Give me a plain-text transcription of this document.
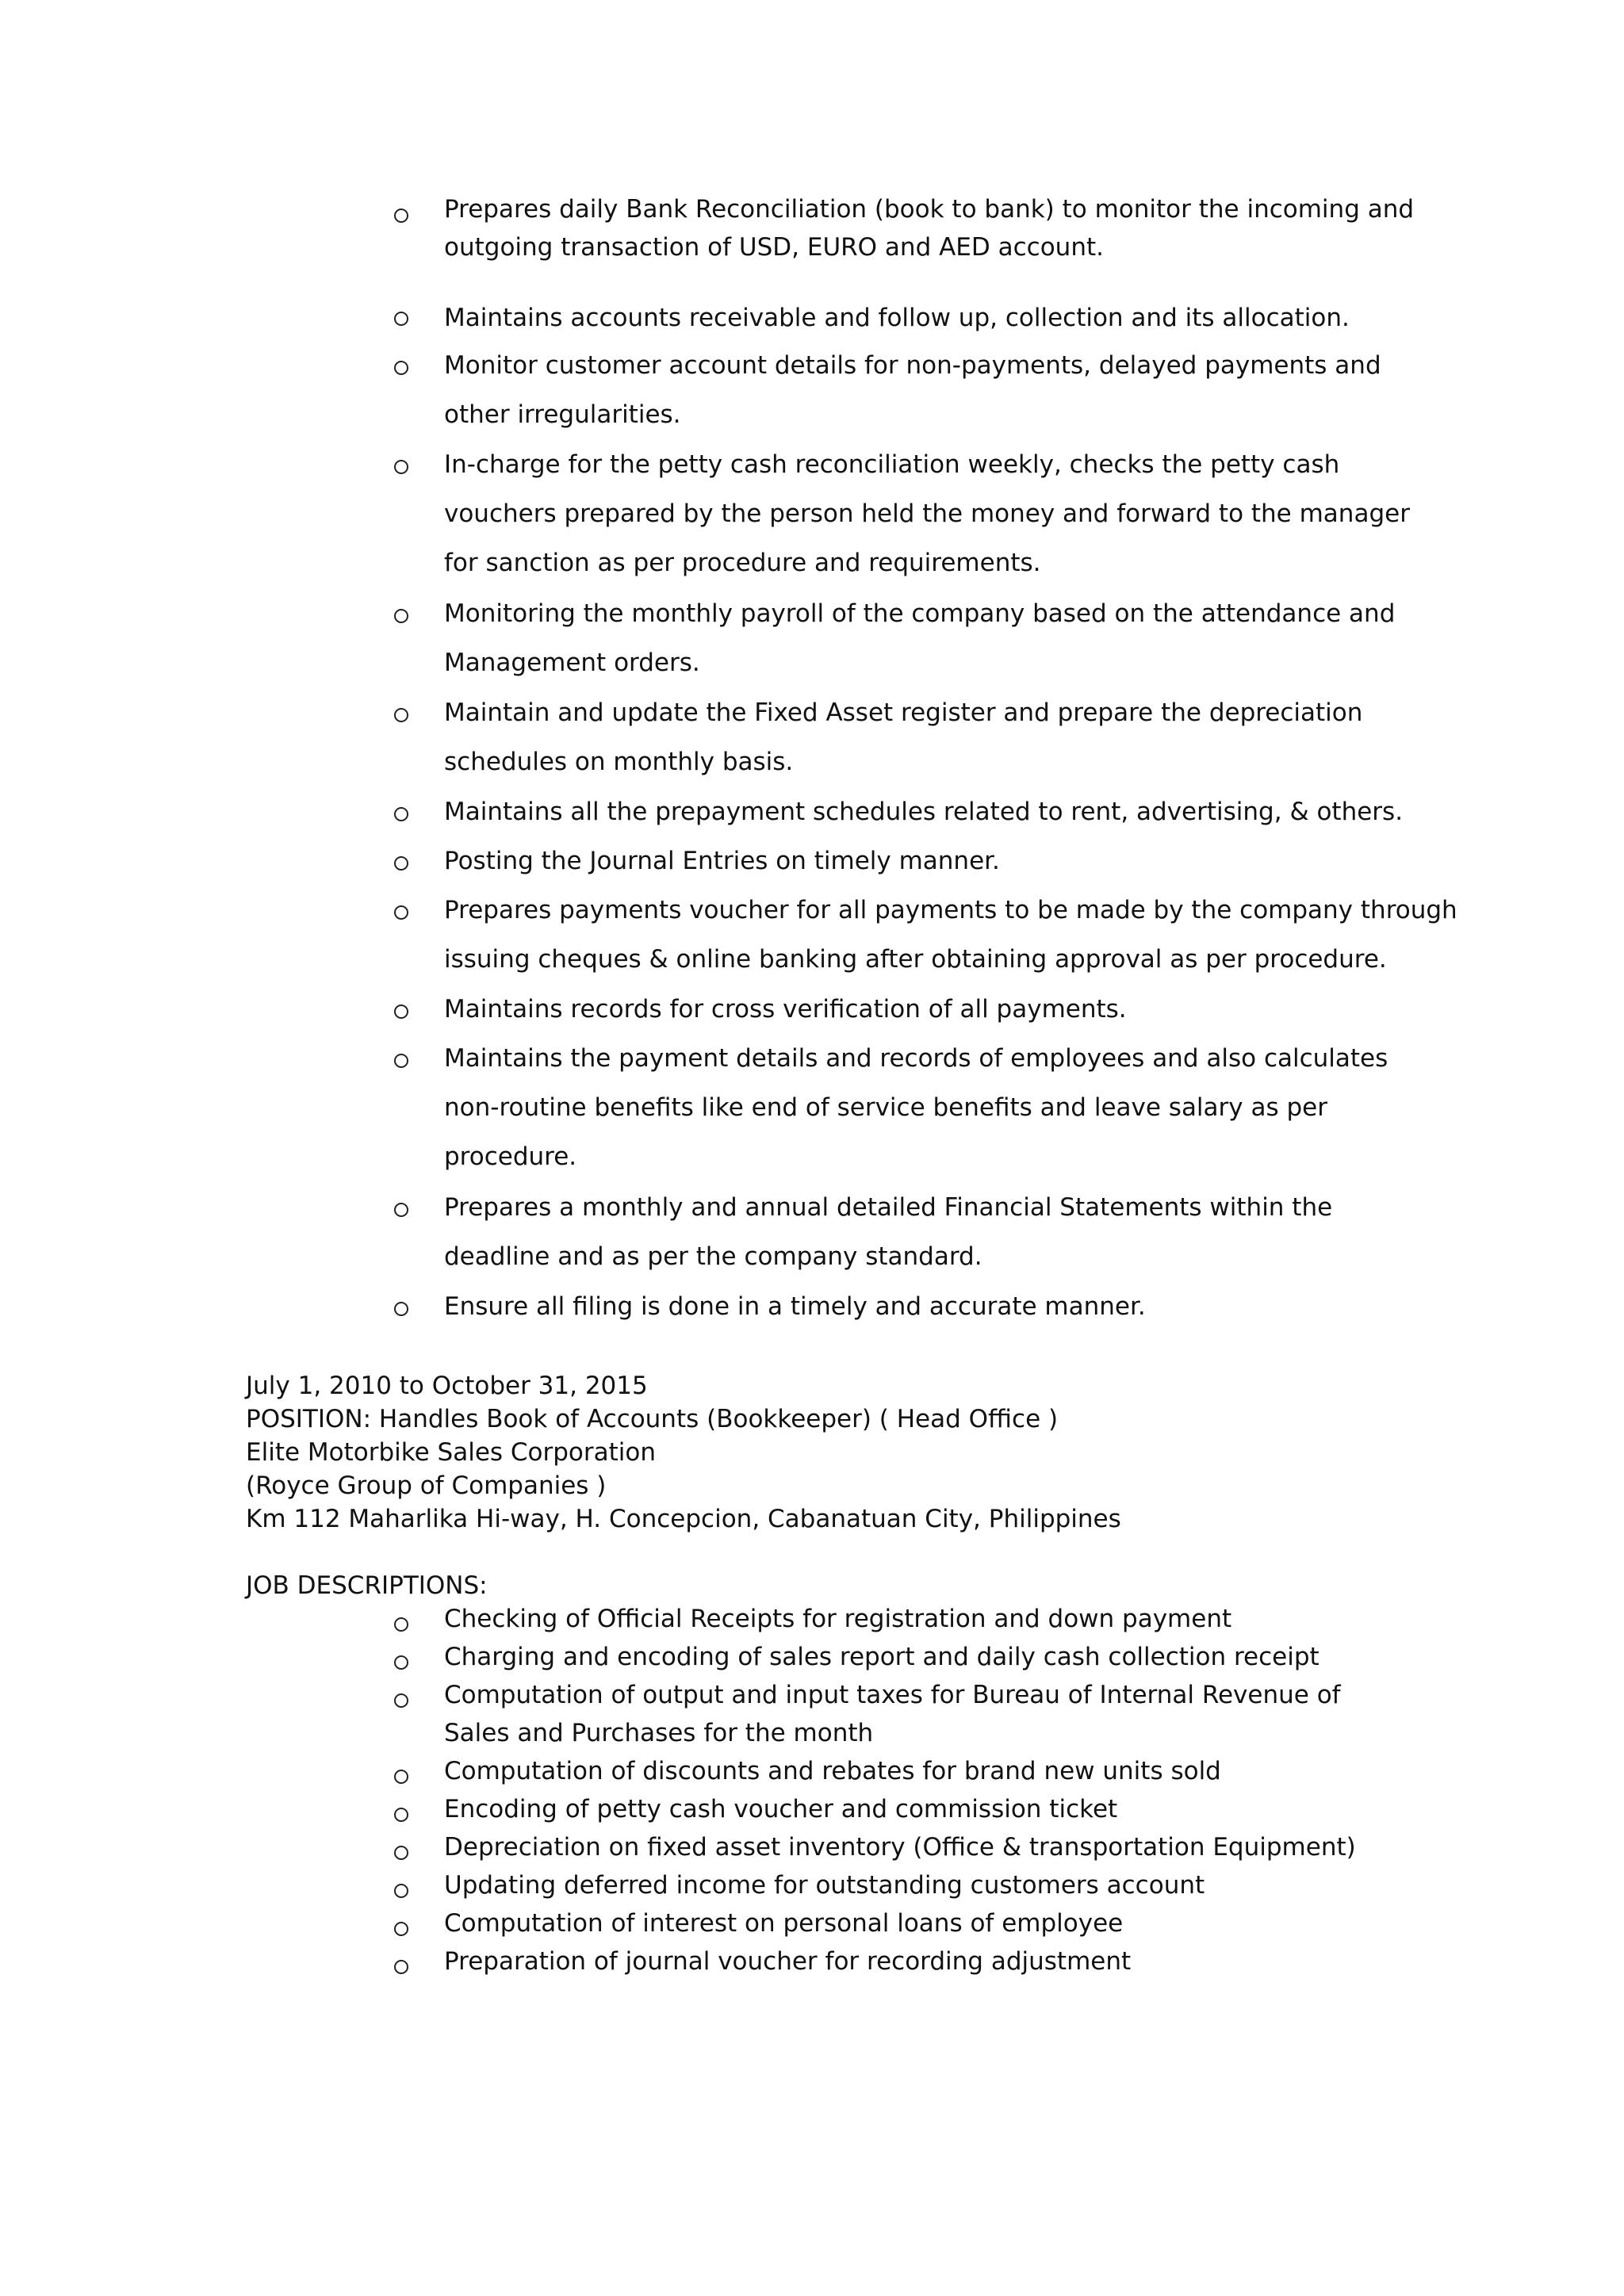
Prepares daily Bank Reconciliation (book to bank) to monitor the incoming and
outgoing transaction of USD, EURO and AED account.
Maintains accounts receivable and follow up, collection and its allocation.
Monitor customer account details for non-payments, delayed payments and
other irregularities.
In-charge for the petty cash reconciliation weekly, checks the petty cash
vouchers prepared by the person held the money and forward to the manager
for sanction as per procedure and requirements.
Monitoring the monthly payroll of the company based on the attendance and
Management orders.
Maintain and update the Fixed Asset register and prepare the depreciation
schedules on monthly basis.
Maintains all the prepayment schedules related to rent, advertising, & others.
Posting the Journal Entries on timely manner.
Prepares payments voucher for all payments to be made by the company through
issuing cheques & online banking after obtaining approval as per procedure.
Maintains records for cross verification of all payments.
Maintains the payment details and records of employees and also calculates
non-routine benefits like end of service benefits and leave salary as per
procedure.
Prepares a monthly and annual detailed Financial Statements within the
deadline and as per the company standard.
Ensure all filing is done in a timely and accurate manner.
July 1, 2010 to October 31, 2015
POSITION: Handles Book of Accounts (Bookkeeper) ( Head Office )
Elite Motorbike Sales Corporation
(Royce Group of Companies )
Km 112 Maharlika Hi-way, H. Concepcion, Cabanatuan City, Philippines
JOB DESCRIPTIONS:
Checking of Official Receipts for registration and down payment
Charging and encoding of sales report and daily cash collection receipt
Computation of output and input taxes for Bureau of Internal Revenue of
Sales and Purchases for the month
Computation of discounts and rebates for brand new units sold
Encoding of petty cash voucher and commission ticket
Depreciation on fixed asset inventory (Office & transportation Equipment)
Updating deferred income for outstanding customers account
Computation of interest on personal loans of employee
Preparation of journal voucher for recording adjustment
